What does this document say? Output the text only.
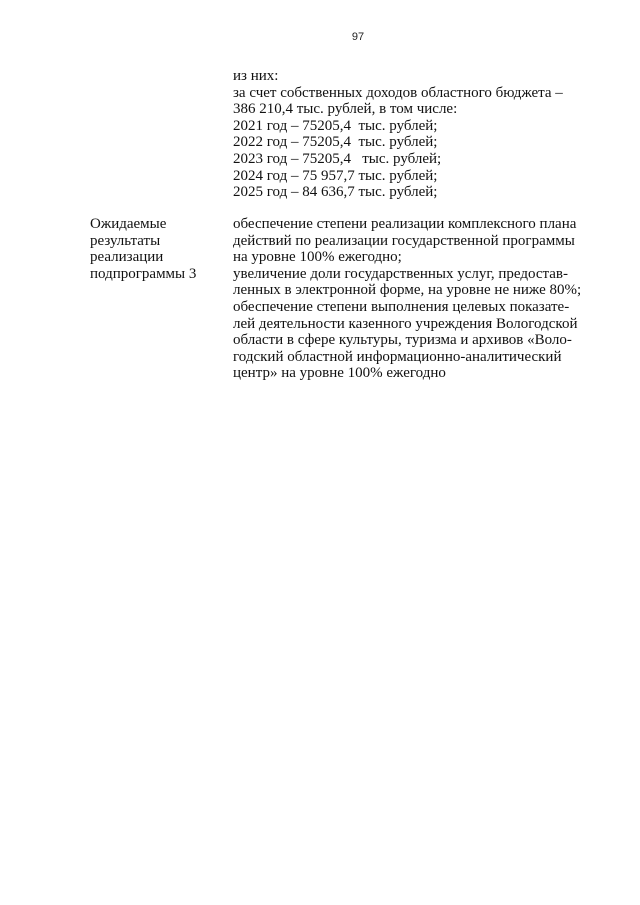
97
из них:
за счет собственных доходов областного бюджета –
386 210,4 тыс. рублей, в том числе:
2021 год – 75205,4  тыс. рублей;
2022 год – 75205,4  тыс. рублей;
2023 год – 75205,4   тыс. рублей;
2024 год – 75 957,7 тыс. рублей;
2025 год – 84 636,7 тыс. рублей;
Ожидаемые
результаты
реализации
подпрограммы 3
обеспечение степени реализации комплексного плана
действий по реализации государственной программы
на уровне 100% ежегодно;
увеличение доли государственных услуг, предостав-
ленных в электронной форме, на уровне не ниже 80%;
обеспечение степени выполнения целевых показате-
лей деятельности казенного учреждения Вологодской
области в сфере культуры, туризма и архивов «Воло-
годский областной информационно-аналитический
центр» на уровне 100% ежегодно
